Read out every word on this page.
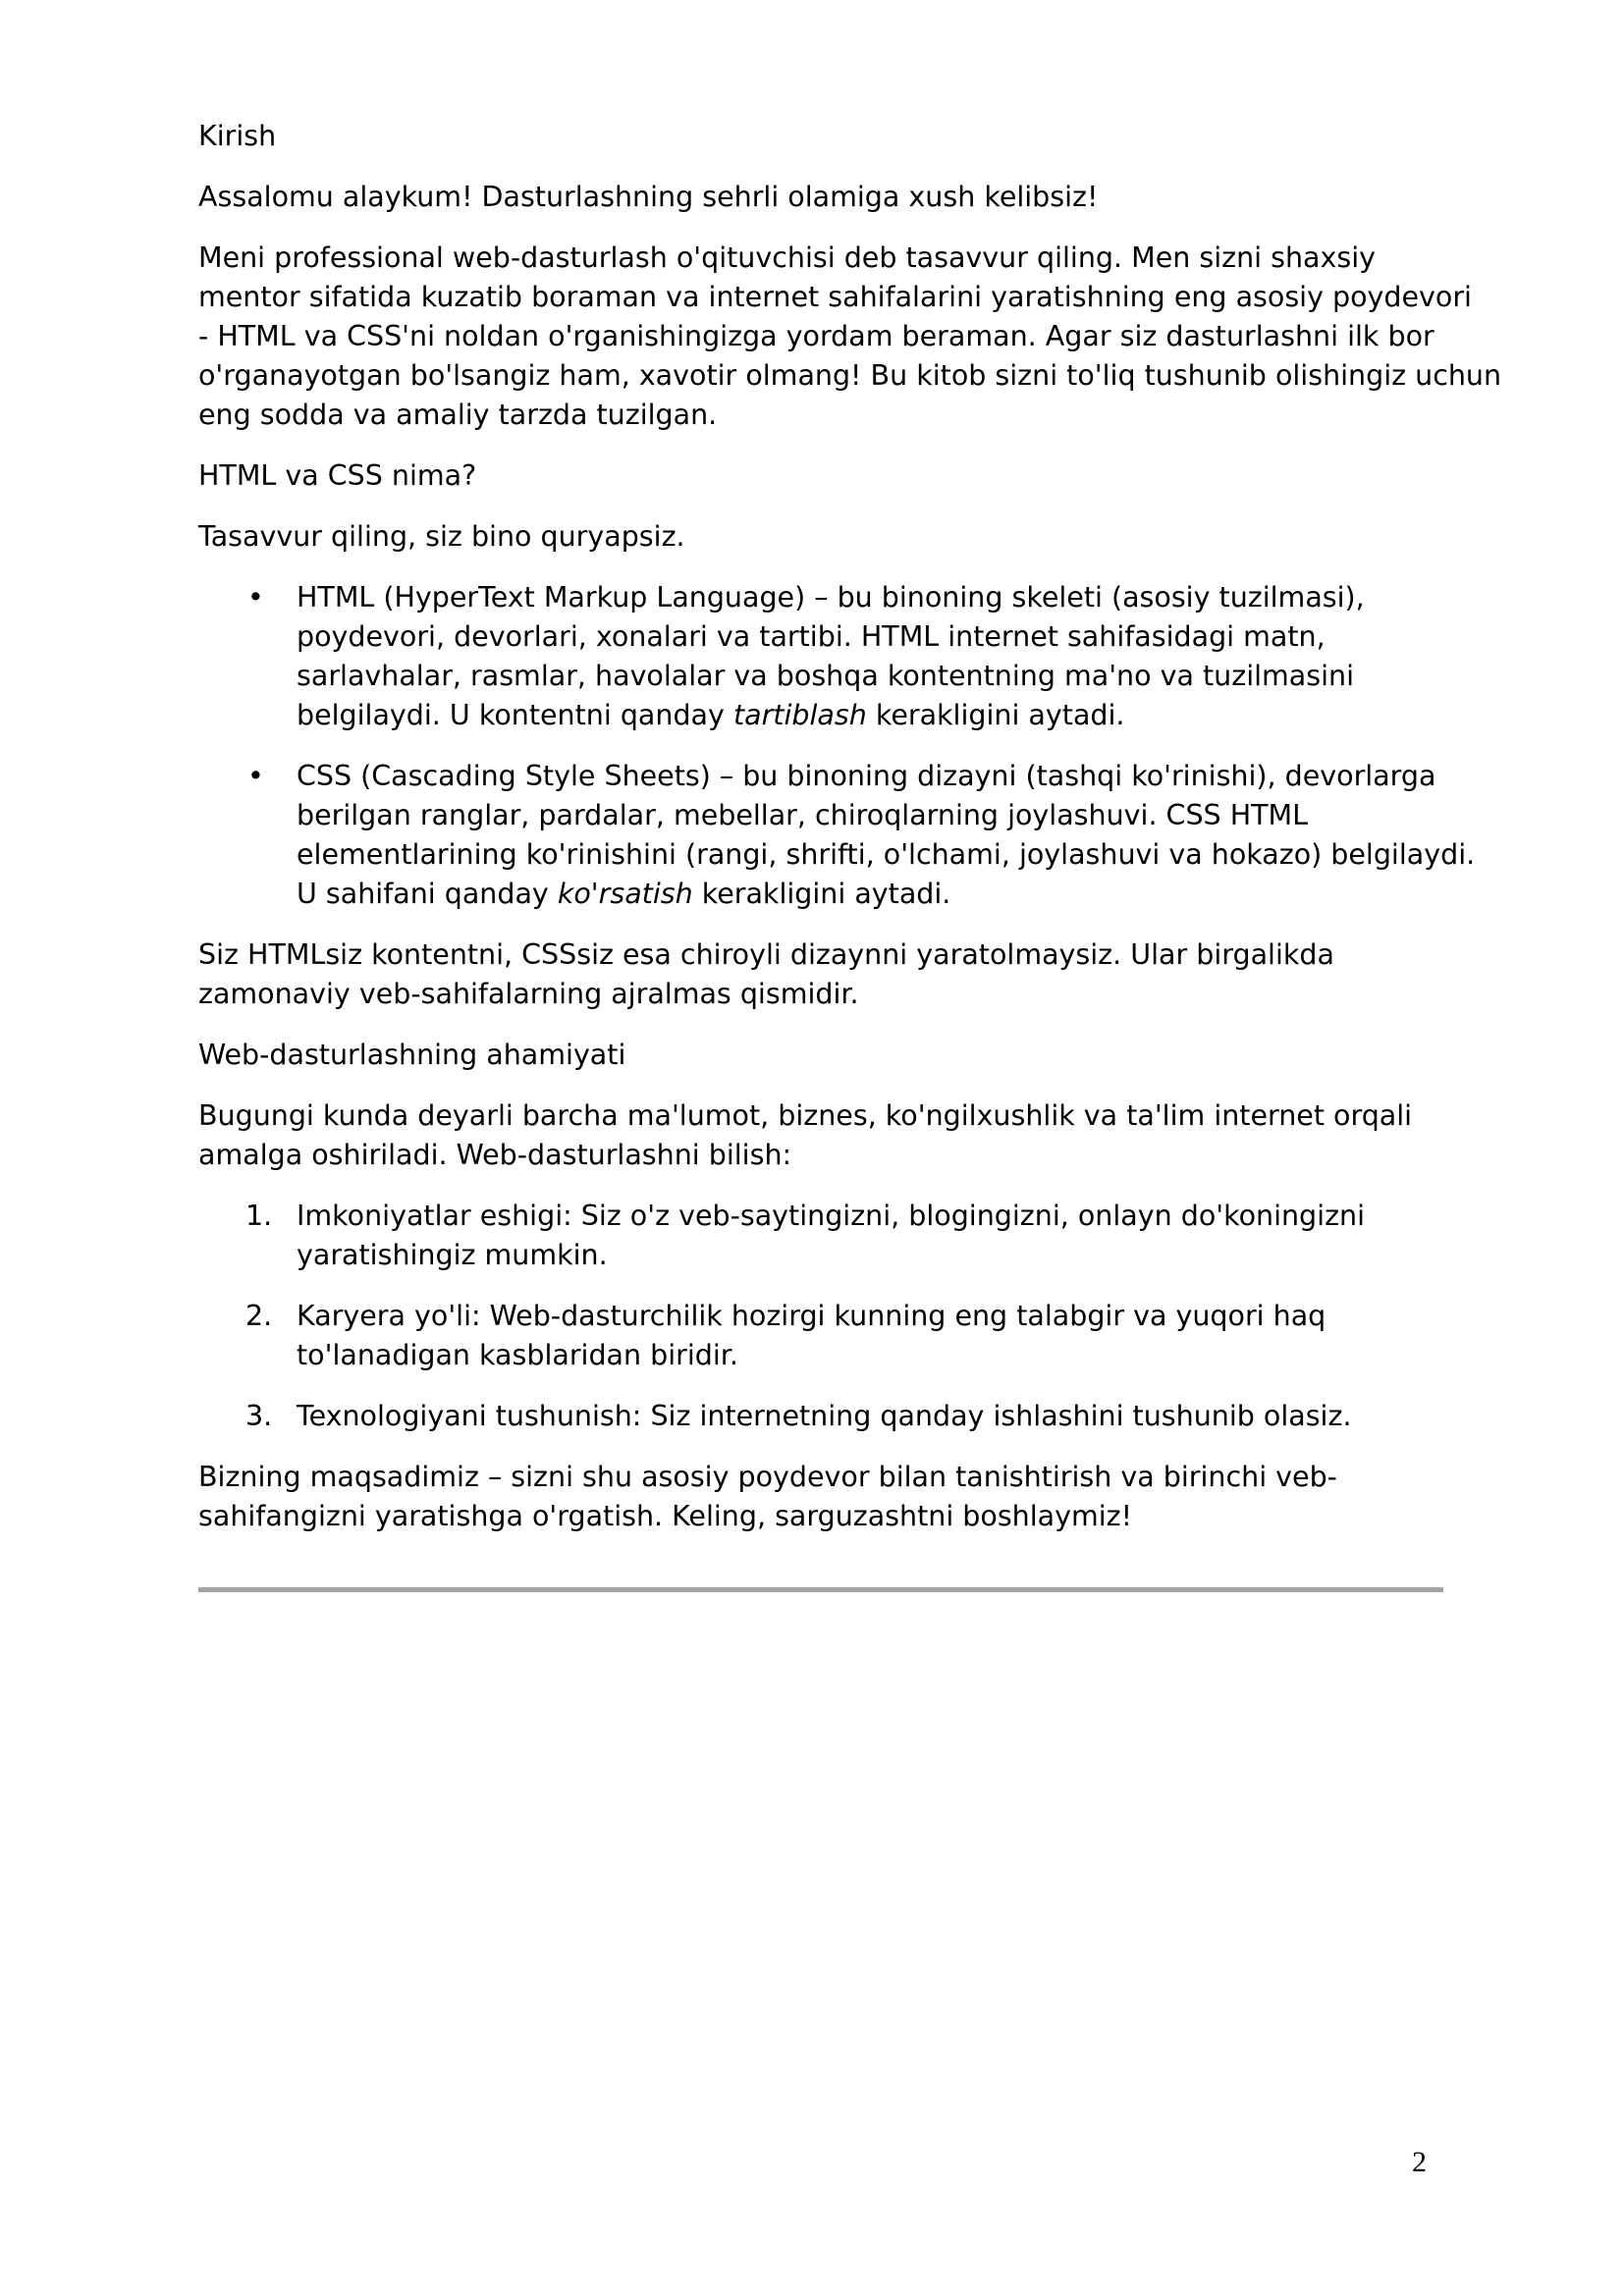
Kirish

Assalomu alaykum! Dasturlashning sehrli olamiga xush kelibsiz!

Meni professional web-dasturlash o'qituvchisi deb tasavvur qiling. Men sizni shaxsiy
mentor sifatida kuzatib boraman va internet sahifalarini yaratishning eng asosiy poydevori
- HTML va CSS'ni noldan o'rganishingizga yordam beraman. Agar siz dasturlashni ilk bor
o'rganayotgan bo'lsangiz ham, xavotir olmang! Bu kitob sizni to'liq tushunib olishingiz uchun
eng sodda va amaliy tarzda tuzilgan.

HTML va CSS nima?

Tasavvur qiling, siz bino quryapsiz.

• HTML (HyperText Markup Language) – bu binoning skeleti (asosiy tuzilmasi),
poydevori, devorlari, xonalari va tartibi. HTML internet sahifasidagi matn,
sarlavhalar, rasmlar, havolalar va boshqa kontentning ma'no va tuzilmasini
belgilaydi. U kontentni qanday tartiblash kerakligini aytadi.
• CSS (Cascading Style Sheets) – bu binoning dizayni (tashqi ko'rinishi), devorlarga
berilgan ranglar, pardalar, mebellar, chiroqlarning joylashuvi. CSS HTML
elementlarining ko'rinishini (rangi, shrifti, o'lchami, joylashuvi va hokazo) belgilaydi.
U sahifani qanday ko'rsatish kerakligini aytadi.

Siz HTMLsiz kontentni, CSSsiz esa chiroyli dizaynni yaratolmaysiz. Ular birgalikda
zamonaviy veb-sahifalarning ajralmas qismidir.

Web-dasturlashning ahamiyati

Bugungi kunda deyarli barcha ma'lumot, biznes, ko'ngilxushlik va ta'lim internet orqali
amalga oshiriladi. Web-dasturlashni bilish:

1. Imkoniyatlar eshigi: Siz o'z veb-saytingizni, blogingizni, onlayn do'koningizni
yaratishingiz mumkin.
2. Karyera yo'li: Web-dasturchilik hozirgi kunning eng talabgir va yuqori haq
to'lanadigan kasblaridan biridir.
3. Texnologiyani tushunish: Siz internetning qanday ishlashini tushunib olasiz.

Bizning maqsadimiz – sizni shu asosiy poydevor bilan tanishtirish va birinchi veb-
sahifangizni yaratishga o'rgatish. Keling, sarguzashtni boshlaymiz!

2
